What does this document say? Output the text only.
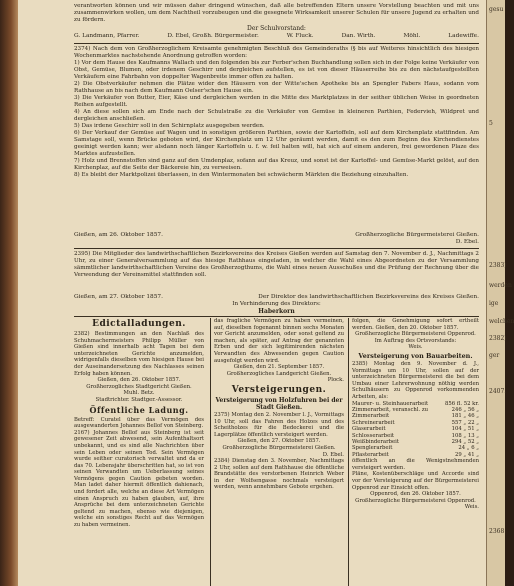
verantworten können und wir müssen daher dringend wünschen, daß alle betreffenden Eltern unsere Vorstellung beachten und mit uns zusammenwirken wollen, um dem Nachtheil vorzubeugen und die gesegnete Wirksamkeit unserer Schulen für unsere Jugend zu erhalten und zu fördern.

Der Schulvorstand:
G. Landmann, Pfarrer.	D. Ebel, Großh. Bürgermeister.	W. Fluck.	Dan. Wirth.	Möhl.	Ladewiffe.

2374) Nach dem von Großherzoglichem Kreisamte genehmigten Beschluß des Gemeinderaths (§ bis auf Weiteres hinsichtlich des hiesigen Wochenmarktes nachstehende Anordnung getroffen worden:

1) Vor dem Hause des Kaufmanns Wallach und den folgenden bis zur Ferber'schen Buchhandlung sollen sich in der Folge keine Verkäufer von Obst, Gemüse, Blumen, oder irdenem Geschirr und dergleichen aufstellen, es ist von dieser Häuserreihe bis zu den nächstaufgestellten Verkäufern eine Fahrbahn von doppelter Wagenbreite immer offen zu halten.

2) Die Obstverkäufer nehmen die Plätze wider den Häusern von der Witte'schen Apotheke bis an Spengler Fabers Haus, sodann vom Rathhause an bis nach dem Kaufmann Oelser'schen Hause ein.

3) Die Verkäufer von Butter, Eier, Käse und dergleichen werden in die Mitte des Marktplatzes in der seither üblichen Weise in geordneten Reihen aufgestellt.

4) An diese sollen sich am Ende nach der Schulstraße zu die Verkäufer von Gemüse in kleineren Parthien, Federvieh, Wildpret und dergleichen anschließen.

5) Das irdene Geschirr soll in den Schirnplatz ausgegeben werden.

6) Der Verkauf der Gemüse auf Wagen und in sonstigen größeren Parthien, sowie der Kartoffeln, soll auf dem Kirchenplatz stattfinden. Am Samstage soll, wenn Brücke geboten wird, der Kirchenplatz um 12 Uhr geräumt werden, damit es den zum Beginn des Kirchendienstes geeinigt werden kann; wer alsdann noch länger Kartoffeln u. f. w. feil halten will, hat sich auf einem anderen, frei gewordenen Plaze des Marktes aufzustellen.

7) Holz und Brennstoffen sind ganz auf den Umdenplaz, sofann auf das Kreuz, und sonst ist der Kartoffel- und Gemüse-Markt gelöst, auf den Kirchenplaz, auf die Seite der Bäckereie hin, zu verweisen.

8) Es bleibt der Marktpolizei überlassen, in den Wintermonaten bei schwächerm Märkten die Beziehung einzuhalten.

Gießen, am 26. Oktober 1857.	Großherzogliche Bürgermeisterei Gießen.
D. Ebel.

2395) Die Mitglieder des landwirthschaftlichen Bezirksvereins des Kreises Gießen werden auf Samstag den 7. November d. J., Nachmittags 2 Uhr, zu einer Generalversammlung auf das hiesige Rathhaus eingeladen, in welcher die Wahl eines Abgeordneten zu der Versammlung sämmtlicher landwirthschaftlichen Vereine des Großherzogthums, die Wahl eines neuen Ausschußes und die Prüfung der Rechnung über die Verwendung der Vereinsmittel stattfinden soll.

Gießen, am 27. Oktober 1857.	Der Direktor des landwirthschaftlichen Bezirksvereins des Kreises Gießen.
In Verhinderung des Direktors:
Haberkorn
Edictalladungen.

2382) Bestimmungen an den Nachlaß des Schuhmachermeisters Philipp Müller von Gießen sind innerhalb acht Tagen bei dem unterzeichneten Gerichte anzumelden, widrigenfalls dieselben vom hiesigen Hause bei der Auseinandersetzung des Nachlasses seinen Erfolg haben können.

Gießen, den 26. Oktober 1857.
Großherzogliches Stadtgericht Gießen.
Muhl. Betz.
Stadtrichter. Stadtger.-Assessor.
Öffentliche Ladung.

Betreff: Curatel über das Vermögen des ausgewanderten Johannes Bellof von Steinberg.

2167) Johannes Bellof aus Steinberg ist seit gewesener Zeit abwesend, sein Aufenthaltsort unbekannt, und es sind alle Nachrichten über sein Leben oder seinen Tod. Sein Vermögen wurde seither curatorisch verwaltet und da er das 70. Lebensjahr überschritten hat, so ist von seinen Verwandten um Ueberlassung seines Vermögens gegen Caution gebeten worden. Man ladet daher hiermit öffentlich dahienach, und fordert alle, welche an diese Art Vermögen einen Anspruch zu haben glauben, auf, ihre Ansprüche bei dem unterzeichneten Gerichte geltend zu machen, ebenso wie diejenigen, welche ein sonstiges Recht auf das Vermögen zu haben vermeinen.

das fragliche Vermögen zu haben vermeinen, auf, dieselben fogenannt binnen sechs Monaten vor Gericht anzumelden, oder sonst geltend zu machen, als später, auf Antrag der genannten Erben und der sich legitimirenden nächsten Verwandten des Abwesenden gegen Caution ausgefolgt werden wird.

Gießen, den 21. September 1857.
Großherzogliches Landgericht Gießen.
Plock.
Versteigerungen.
Versteigerung von Holzfuhren bei der Stadt Gießen.

2375) Montag den 2. November l. J., Vormittags 10 Uhr, soll das Fahren des Holzes und des Scheitholzes für die Bedeckerei und die Lagerplätze öffentlich versteigert werden.

Gießen, den 27. Oktober 1857.
Großherzogliche Bürgermeisterei Gießen.
D. Ebel.

2384) Dienstag den 3. November, Nachmittags 2 Uhr, sollen auf dem Rathhause die öffentliche Brandstätte des verstorbenen Heinrich Weber in der Wolfsengasse nochmals versteigert werden, wenn annehmbare Gebote ergehen.

folgen, die Genehmigung sofort ertheilt werden. Gießen, den 20. Oktober 1857.

Großherzogliche Bürgermeisterei Oppenrod.
Im Auftrag des Ortsvorstands:
Weis.
Versteigerung von Bauarbeiten.

2385) Montag den 9. November d. J., Vormittags um 10 Uhr, sollen auf der unterzeichneten Bürgermeisterei die bei dem Umbau einer Lehrerwohnung nöthig werden Schulhäusern zu Oppenrod vorkommenden Arbeiten, als:

Maurer- u. Steinhauerarbeit	856 fl. 52 kr.
Zimmerarbeit, veranschl. zu	246 „ 56 „
Zimmerarbeit	181 „ 46 „
Schreinerarbeit	557 „ 22 „
Glaserarbeit	104 „ 51 „
Schlosserarbeit	108 „ 13 „
Weißbinderarbeit	294 „ 52 „
Spenglerarbeit	24 „ 6 „
Pflasterarbeit	29 „ 41 „

öffentlich an die Wenigstnehmenden versteigert werden.

Pläne, Kostenüberschläge und Accorde sind vor der Versteigerung auf der Bürgermeisterei Oppenrod zur Einsicht offen.

Oppenrod, den 26. Oktober 1857.
Großherzogliche Bürgermeisterei Oppenrod.
Weis.
gesu
5
2383)
werden
ige
welchen
2382)
ger
2407.
2368
